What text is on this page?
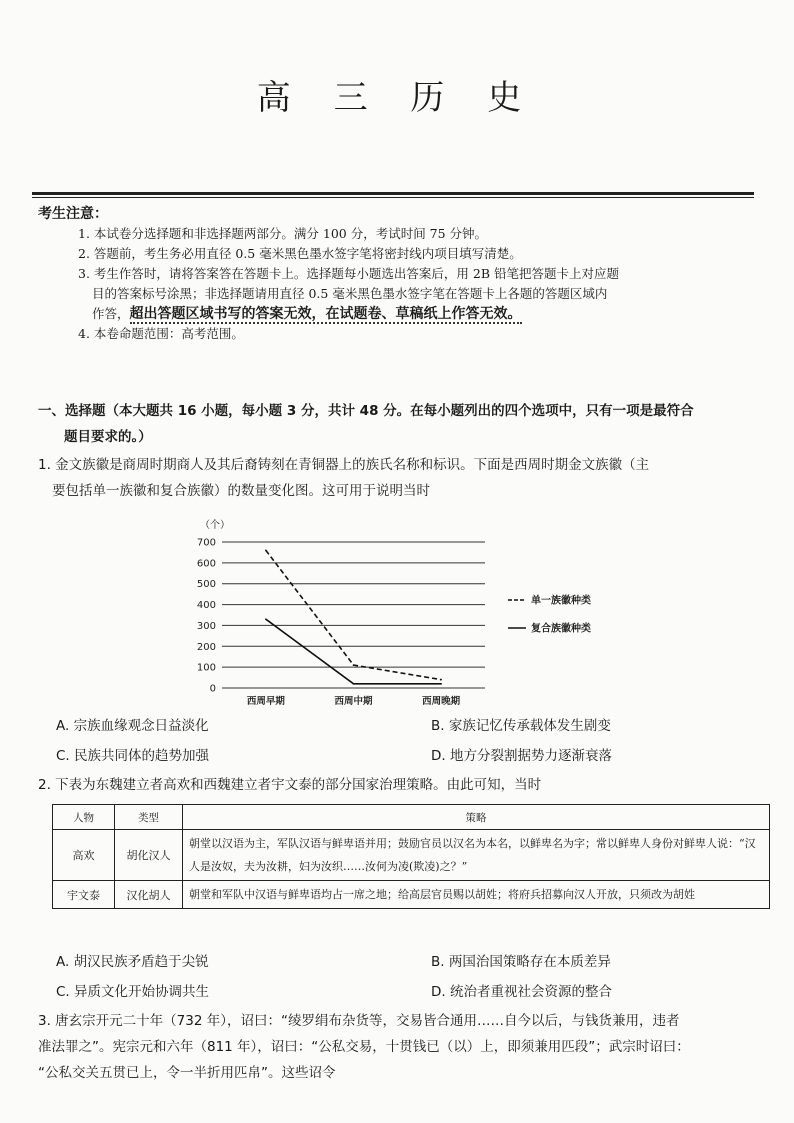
高 三 历 史
考生注意：
1. 本试卷分选择题和非选择题两部分。满分 100 分，考试时间 75 分钟。
2. 答题前，考生务必用直径 0.5 毫米黑色墨水签字笔将密封线内项目填写清楚。
3. 考生作答时，请将答案答在答题卡上。选择题每小题选出答案后，用 2B 铅笔把答题卡上对应题
目的答案标号涂黑；非选择题请用直径 0.5 毫米黑色墨水签字笔在答题卡上各题的答题区域内
作答，超出答题区域书写的答案无效，在试题卷、草稿纸上作答无效。
4. 本卷命题范围：高考范围。
一、选择题（本大题共 16 小题，每小题 3 分，共计 48 分。在每小题列出的四个选项中，只有一项是最符合
题目要求的。）
1. 金文族徽是商周时期商人及其后裔铸刻在青铜器上的族氏名称和标识。下面是西周时期金文族徽（主
要包括单一族徽和复合族徽）的数量变化图。这可用于说明当时
（个）
0
100
200
300
400
500
600
700
西周早期	西周中期	西周晚期
单一族徽种类
复合族徽种类
A. 宗族血缘观念日益淡化	B. 家族记忆传承载体发生剧变
C. 民族共同体的趋势加强	D. 地方分裂割据势力逐渐衰落
2. 下表为东魏建立者高欢和西魏建立者宇文泰的部分国家治理策略。由此可知，当时
人物	类型	策略
高欢	胡化汉人	朝堂以汉语为主，军队汉语与鲜卑语并用；鼓励官员以汉名为本名，以鲜卑名为字；常以鲜卑人身份对鲜卑人说：“汉人是汝奴，夫为汝耕，妇为汝织……汝何为凌(欺凌)之？”
宇文泰	汉化胡人	朝堂和军队中汉语与鲜卑语均占一席之地；给高层官员赐以胡姓；将府兵招募向汉人开放，只须改为胡姓
A. 胡汉民族矛盾趋于尖锐	B. 两国治国策略存在本质差异
C. 异质文化开始协调共生	D. 统治者重视社会资源的整合
3. 唐玄宗开元二十年（732 年），诏曰：“绫罗绢布杂货等，交易皆合通用……自今以后，与钱货兼用，违者
准法罪之”。宪宗元和六年（811 年），诏曰：“公私交易，十贯钱已（以）上，即须兼用匹段”；武宗时诏曰：
“公私交关五贯已上，令一半折用匹帛”。这些诏令
